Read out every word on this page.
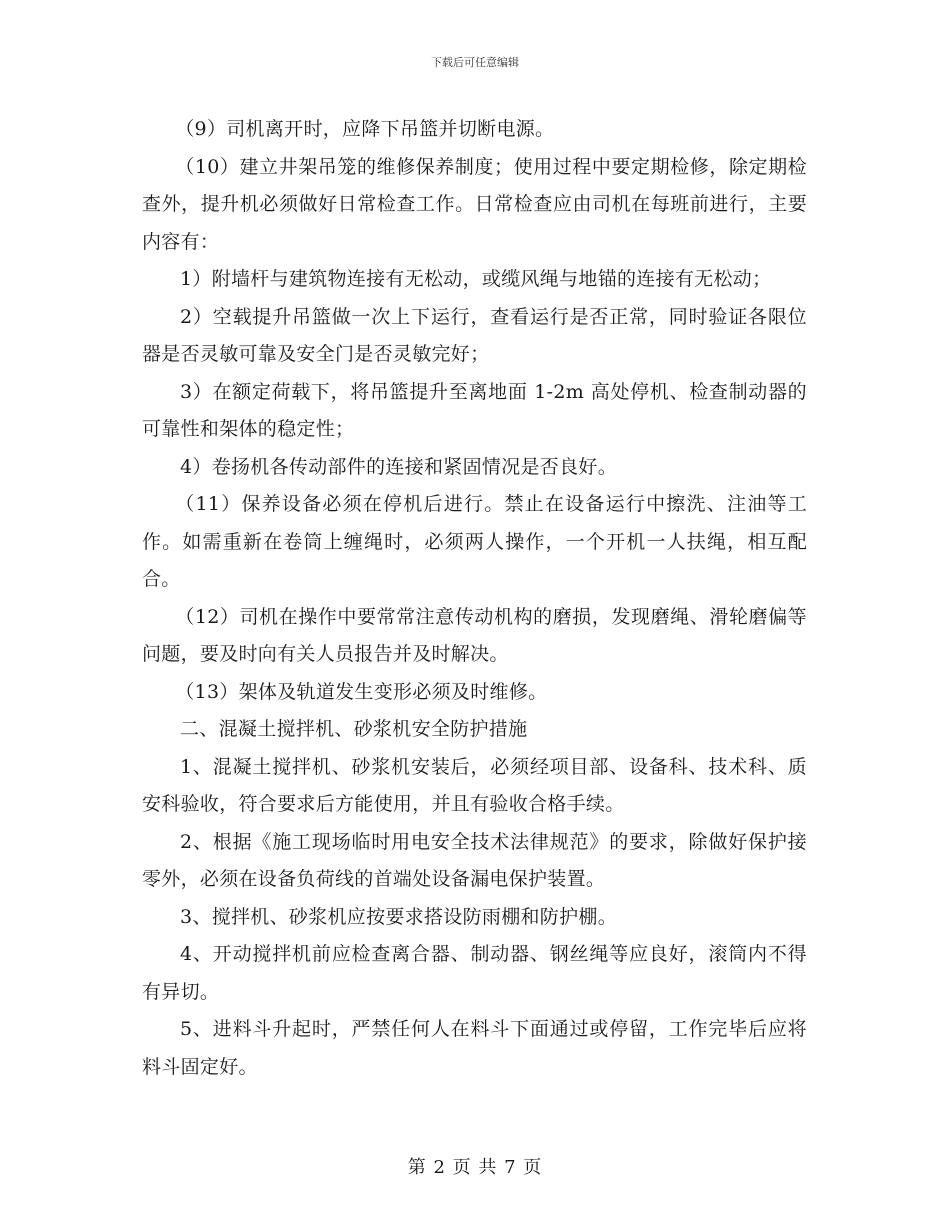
下载后可任意编辑

（9）司机离开时，应降下吊篮并切断电源。

（10）建立井架吊笼的维修保养制度；使用过程中要定期检修，除定期检查外，提升机必须做好日常检查工作。日常检查应由司机在每班前进行，主要内容有：

1）附墙杆与建筑物连接有无松动，或缆风绳与地锚的连接有无松动；

2）空载提升吊篮做一次上下运行，查看运行是否正常，同时验证各限位器是否灵敏可靠及安全门是否灵敏完好；

3）在额定荷载下，将吊篮提升至离地面 1-2m 高处停机、检查制动器的可靠性和架体的稳定性；

4）卷扬机各传动部件的连接和紧固情况是否良好。

（11）保养设备必须在停机后进行。禁止在设备运行中擦洗、注油等工作。如需重新在卷筒上缠绳时，必须两人操作，一个开机一人扶绳，相互配合。

（12）司机在操作中要常常注意传动机构的磨损，发现磨绳、滑轮磨偏等问题，要及时向有关人员报告并及时解决。

（13）架体及轨道发生变形必须及时维修。

二、混凝土搅拌机、砂浆机安全防护措施

1、混凝土搅拌机、砂浆机安装后，必须经项目部、设备科、技术科、质安科验收，符合要求后方能使用，并且有验收合格手续。

2、根据《施工现场临时用电安全技术法律规范》的要求，除做好保护接零外，必须在设备负荷线的首端处设备漏电保护装置。

3、搅拌机、砂浆机应按要求搭设防雨棚和防护棚。

4、开动搅拌机前应检查离合器、制动器、钢丝绳等应良好，滚筒内不得有异切。

5、进料斗升起时，严禁任何人在料斗下面通过或停留，工作完毕后应将料斗固定好。

第 2 页 共 7 页
